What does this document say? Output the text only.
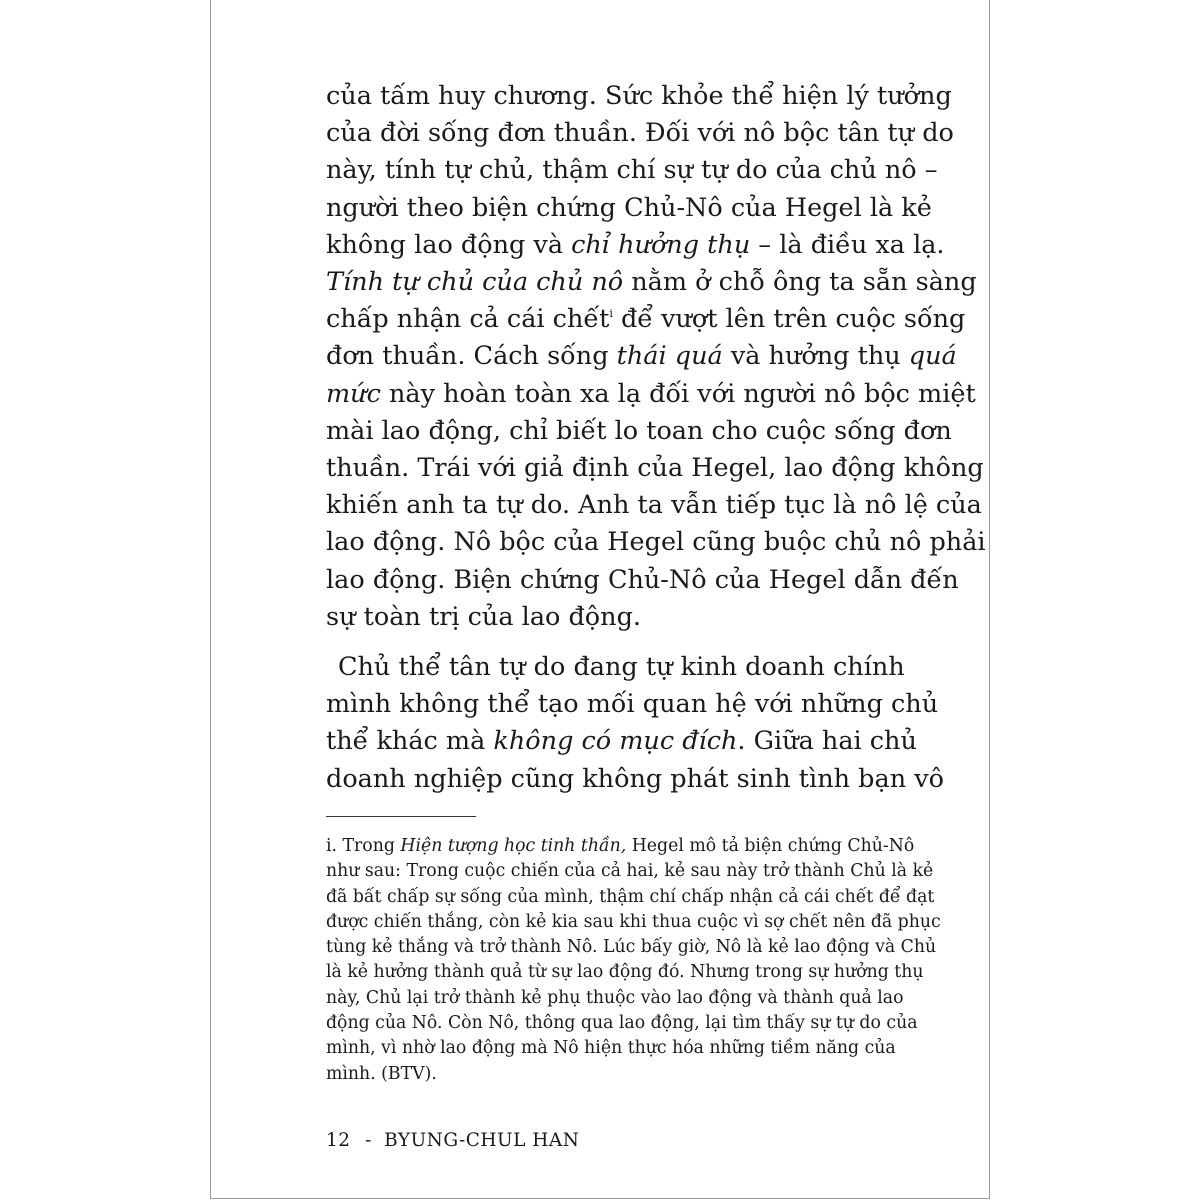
của tấm huy chương. Sức khỏe thể hiện lý tưởng
của đời sống đơn thuần. Đối với nô bộc tân tự do
này, tính tự chủ, thậm chí sự tự do của chủ nô –
người theo biện chứng Chủ-Nô của Hegel là kẻ
không lao động và chỉ hưởng thụ – là điều xa lạ.
Tính tự chủ của chủ nô nằm ở chỗ ông ta sẵn sàng
chấp nhận cả cái chết$^i$ để vượt lên trên cuộc sống
đơn thuần. Cách sống thái quá và hưởng thụ quá
mức này hoàn toàn xa lạ đối với người nô bộc miệt
mài lao động, chỉ biết lo toan cho cuộc sống đơn
thuần. Trái với giả định của Hegel, lao động không
khiến anh ta tự do. Anh ta vẫn tiếp tục là nô lệ của
lao động. Nô bộc của Hegel cũng buộc chủ nô phải
lao động. Biện chứng Chủ-Nô của Hegel dẫn đến
sự toàn trị của lao động.
Chủ thể tân tự do đang tự kinh doanh chính
mình không thể tạo mối quan hệ với những chủ
thể khác mà không có mục đích. Giữa hai chủ
doanh nghiệp cũng không phát sinh tình bạn vô
i. Trong Hiện tượng học tinh thần, Hegel mô tả biện chứng Chủ-Nô
như sau: Trong cuộc chiến của cả hai, kẻ sau này trở thành Chủ là kẻ
đã bất chấp sự sống của mình, thậm chí chấp nhận cả cái chết để đạt
được chiến thắng, còn kẻ kia sau khi thua cuộc vì sợ chết nên đã phục
tùng kẻ thắng và trở thành Nô. Lúc bấy giờ, Nô là kẻ lao động và Chủ
là kẻ hưởng thành quả từ sự lao động đó. Nhưng trong sự hưởng thụ
này, Chủ lại trở thành kẻ phụ thuộc vào lao động và thành quả lao
động của Nô. Còn Nô, thông qua lao động, lại tìm thấy sự tự do của
mình, vì nhờ lao động mà Nô hiện thực hóa những tiềm năng của
mình. (BTV).
12 - BYUNG-CHUL HAN
